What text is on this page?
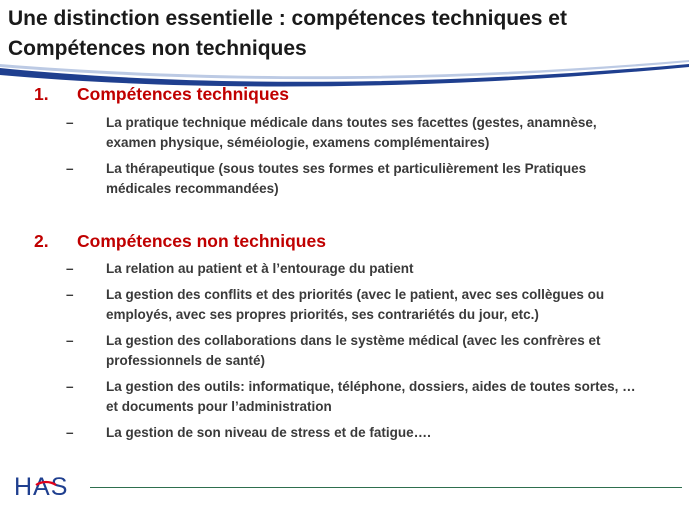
Une distinction essentielle : compétences techniques et
Compétences non techniques
1.	Compétences techniques
–	La pratique technique médicale dans toutes ses facettes (gestes, anamnèse, examen physique, séméiologie, examens complémentaires)
–	La thérapeutique (sous toutes ses formes et particulièrement les Pratiques médicales recommandées)
2.	Compétences non techniques
–	La relation au patient et à l’entourage du patient
–	La gestion des conflits et des priorités (avec le patient, avec ses collègues ou employés, avec ses propres priorités, ses contrariétés du jour, etc.)
–	La gestion des collaborations dans le système médical (avec les confrères et professionnels de santé)
–	La gestion des outils: informatique, téléphone, dossiers, aides de toutes sortes, … et documents pour l’administration
–	La gestion de son niveau de stress et de fatigue….
HAS
